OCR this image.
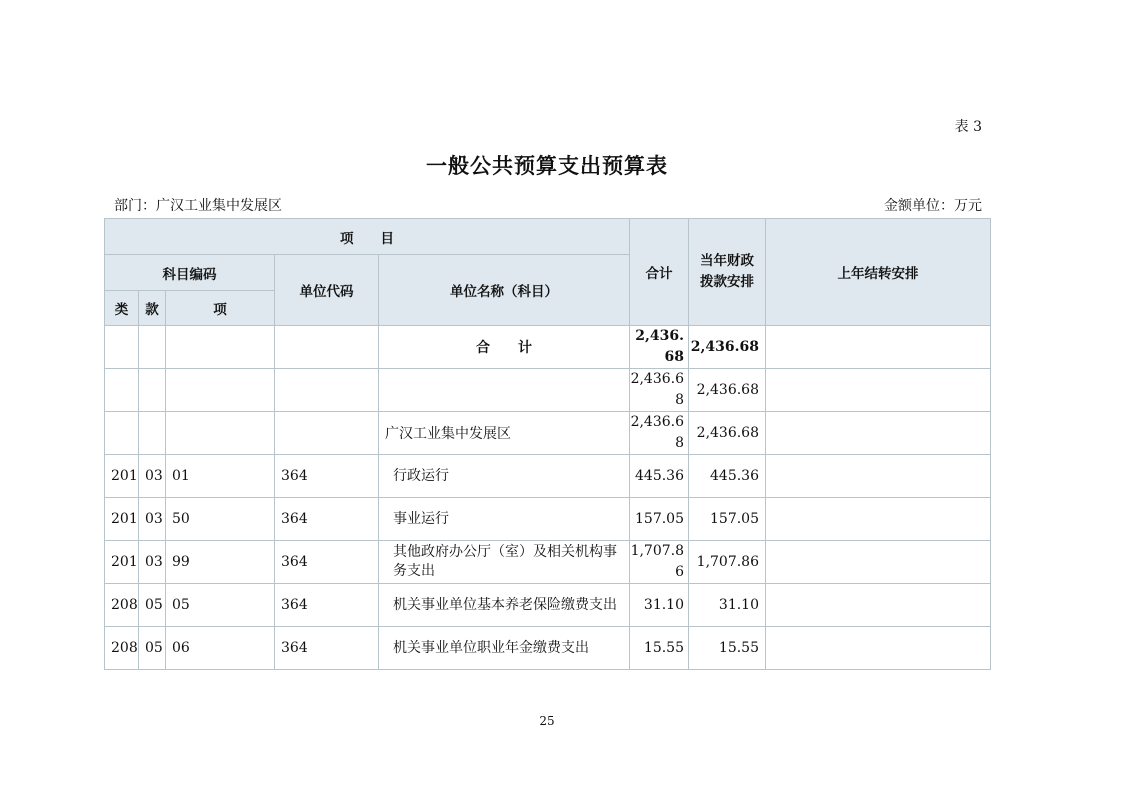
表 3
一般公共预算支出预算表
部门：广汉工业集中发展区	金额单位：万元
项　　目					合计	当年财政拨款安排	上年结转安排
科目编码			单位代码	单位名称（科目）			
类	款	项					
				合　　计	2,436.68	2,436.68	
					2,436.68	2,436.68	
				广汉工业集中发展区	2,436.68	2,436.68	
201	03	01	364	行政运行	445.36	445.36	
201	03	50	364	事业运行	157.05	157.05	
201	03	99	364	其他政府办公厅（室）及相关机构事务支出	1,707.86	1,707.86	
208	05	05	364	机关事业单位基本养老保险缴费支出	31.10	31.10	
208	05	06	364	机关事业单位职业年金缴费支出	15.55	15.55	
25
